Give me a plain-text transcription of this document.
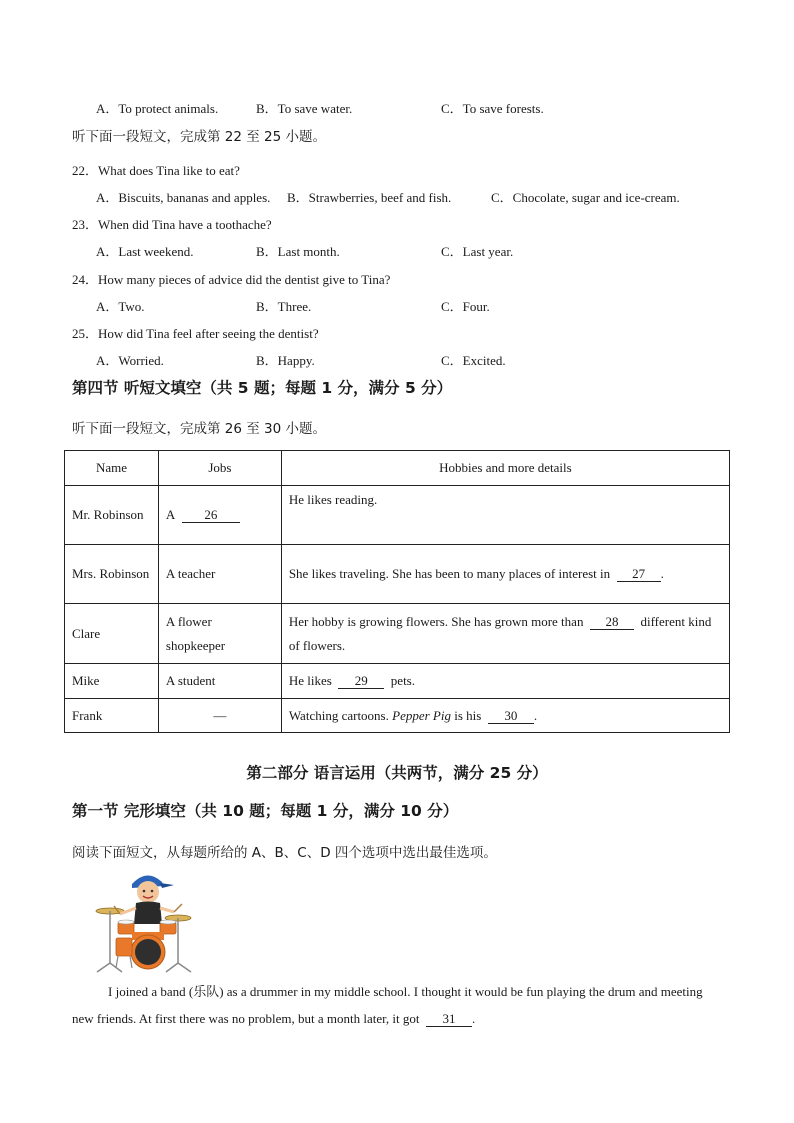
A．To protect animals.	B．To save water.	C．To save forests.
听下面一段短文，完成第 22 至 25 小题。
22．What does Tina like to eat?
A．Biscuits, bananas and apples. B．Strawberries, beef and fish.	C．Chocolate, sugar and ice-cream.
23．When did Tina have a toothache?
A．Last weekend.	B．Last month.	C．Last year.
24．How many pieces of advice did the dentist give to Tina?
A．Two.	B．Three.	C．Four.
25．How did Tina feel after seeing the dentist?
A．Worried.	B．Happy.	C．Excited.
第四节 听短文填空（共 5 题；每题 1 分，满分 5 分）
听下面一段短文，完成第 26 至 30 小题。
Name	Jobs	Hobbies and more details
Mr. Robinson	A 26	He likes reading.
Mrs. Robinson	A teacher	She likes traveling. She has been to many places of interest in 27 .
Clare	A flower shopkeeper	Her hobby is growing flowers. She has grown more than 28 different kind of flowers.
Mike	A student	He likes 29 pets.
Frank	—	Watching cartoons. Pepper Pig is his 30 .
第二部分 语言运用（共两节，满分 25 分）
第一节 完形填空（共 10 题；每题 1 分，满分 10 分）
阅读下面短文，从每题所给的 A、B、C、D 四个选项中选出最佳选项。
I joined a band (乐队) as a drummer in my middle school. I thought it would be fun playing the drum and meeting new friends. At first there was no problem, but a month later, it got 31 .
